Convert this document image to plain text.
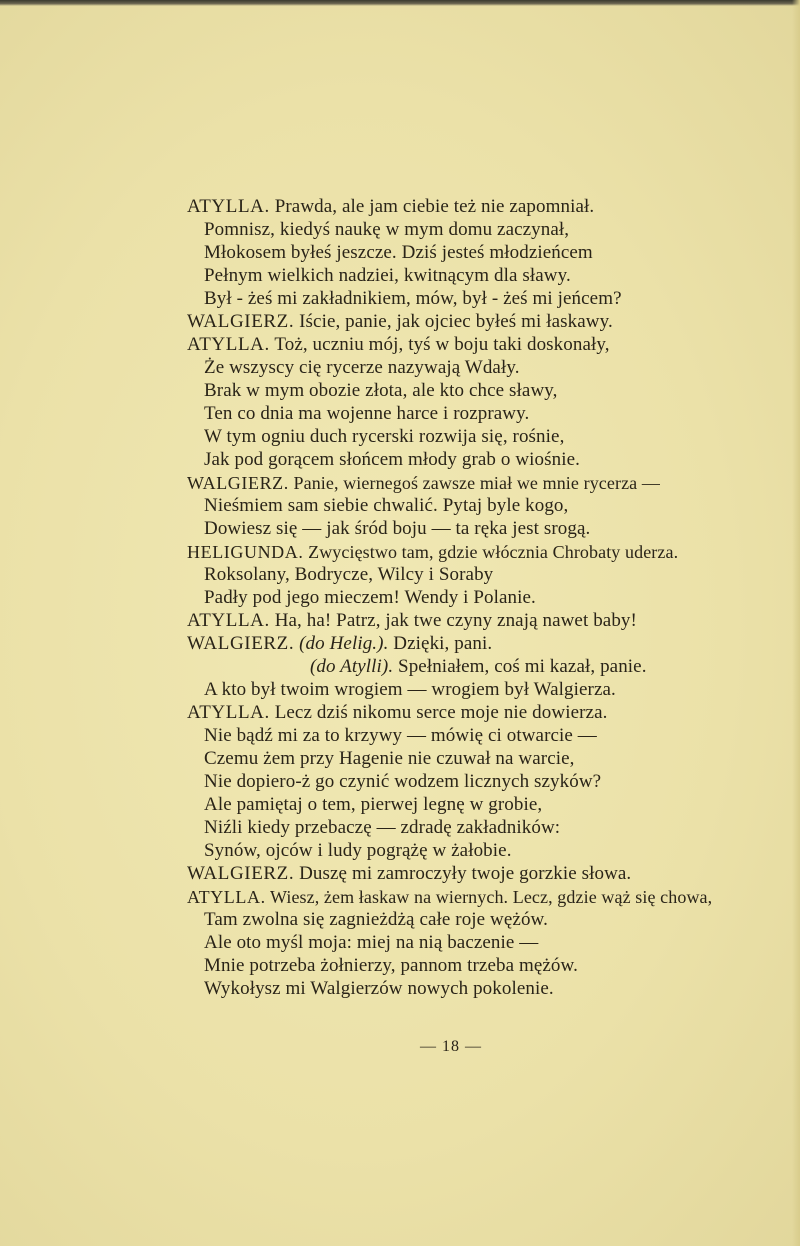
ATYLLA. Prawda, ale jam ciebie też nie zapomniał.
Pomnisz, kiedyś naukę w mym domu zaczynał,
Młokosem byłeś jeszcze. Dziś jesteś młodzieńcem
Pełnym wielkich nadziei, kwitnącym dla sławy.
Był - żeś mi zakładnikiem, mów, był - żeś mi jeńcem?
WALGIERZ. Iście, panie, jak ojciec byłeś mi łaskawy.
ATYLLA. Toż, uczniu mój, tyś w boju taki doskonały,
Że wszyscy cię rycerze nazywają Wdały.
Brak w mym obozie złota, ale kto chce sławy,
Ten co dnia ma wojenne harce i rozprawy.
W tym ogniu duch rycerski rozwija się, rośnie,
Jak pod gorącem słońcem młody grab o wiośnie.
WALGIERZ. Panie, wiernegoś zawsze miał we mnie rycerza —
Nieśmiem sam siebie chwalić. Pytaj byle kogo,
Dowiesz się — jak śród boju — ta ręka jest srogą.
HELIGUNDA. Zwycięstwo tam, gdzie włócznia Chrobaty uderza.
Roksolany, Bodrycze, Wilcy i Soraby
Padły pod jego mieczem! Wendy i Polanie.
ATYLLA. Ha, ha! Patrz, jak twe czyny znają nawet baby!
WALGIERZ. (do Helig.). Dzięki, pani.
(do Atylli). Spełniałem, coś mi kazał, panie.
A kto był twoim wrogiem — wrogiem był Walgierza.
ATYLLA. Lecz dziś nikomu serce moje nie dowierza.
Nie bądź mi za to krzywy — mówię ci otwarcie —
Czemu żem przy Hagenie nie czuwał na warcie,
Nie dopiero-ż go czynić wodzem licznych szyków?
Ale pamiętaj o tem, pierwej legnę w grobie,
Niźli kiedy przebaczę — zdradę zakładników:
Synów, ojców i ludy pogrążę w żałobie.
WALGIERZ. Duszę mi zamroczyły twoje gorzkie słowa.
ATYLLA. Wiesz, żem łaskaw na wiernych. Lecz, gdzie wąż się chowa,
Tam zwolna się zagnieżdżą całe roje wężów.
Ale oto myśl moja: miej na nią baczenie —
Mnie potrzeba żołnierzy, pannom trzeba mężów.
Wykołysz mi Walgierzów nowych pokolenie.
— 18 —
